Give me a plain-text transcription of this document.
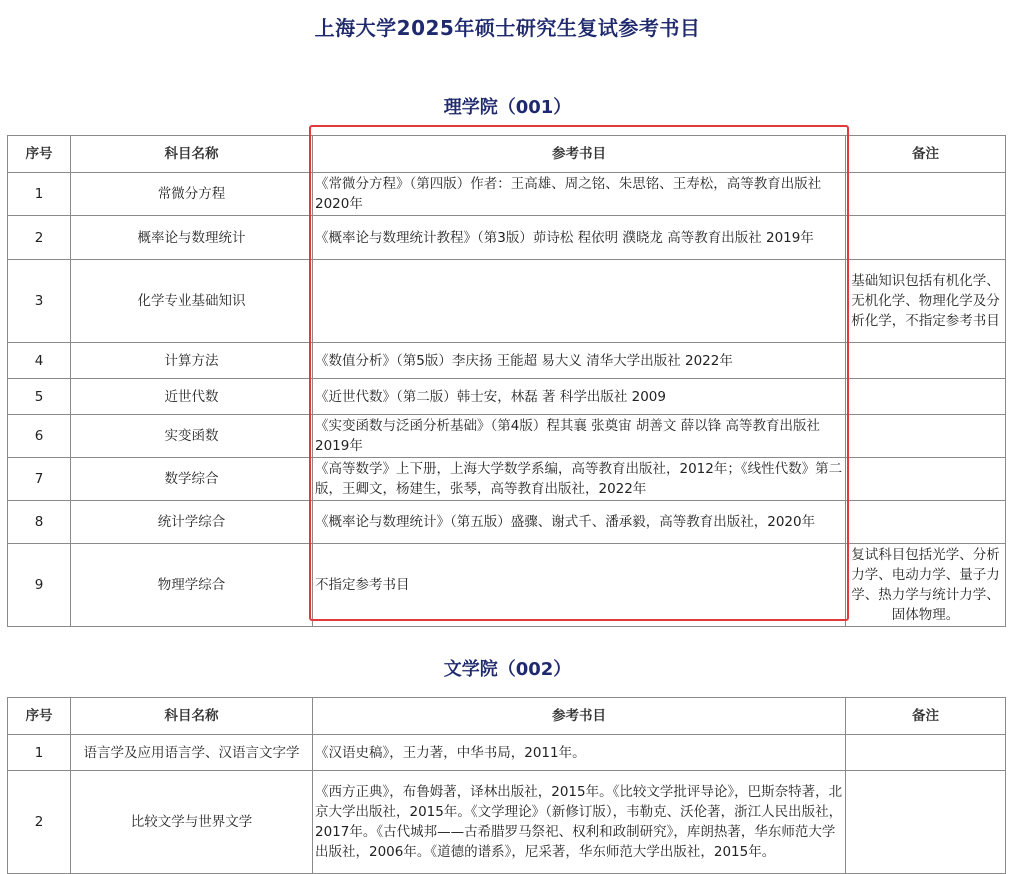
上海大学2025年硕士研究生复试参考书目
理学院（001）
序号	科目名称	参考书目	备注
1	常微分方程	《常微分方程》（第四版）作者：王高雄、周之铭、朱思铭、王寿松，高等教育出版社 2020年	
2	概率论与数理统计	《概率论与数理统计教程》（第3版）茆诗松 程依明 濮晓龙 高等教育出版社 2019年	
3	化学专业基础知识		基础知识包括有机化学、无机化学、物理化学及分析化学，不指定参考书目
4	计算方法	《数值分析》（第5版）李庆扬 王能超 易大义 清华大学出版社 2022年	
5	近世代数	《近世代数》（第二版）韩士安，林磊 著 科学出版社 2009	
6	实变函数	《实变函数与泛函分析基础》（第4版）程其襄 张奠宙 胡善文 薛以锋 高等教育出版社 2019年	
7	数学综合	《高等数学》上下册，上海大学数学系编，高等教育出版社，2012年；《线性代数》第二版，王卿文，杨建生，张琴，高等教育出版社，2022年	
8	统计学综合	《概率论与数理统计》（第五版）盛骤、谢式千、潘承毅，高等教育出版社，2020年	
9	物理学综合	不指定参考书目	复试科目包括光学、分析力学、电动力学、量子力学、热力学与统计力学、固体物理。
文学院（002）
序号	科目名称	参考书目	备注
1	语言学及应用语言学、汉语言文字学	《汉语史稿》，王力著，中华书局，2011年。	
2	比较文学与世界文学	《西方正典》，布鲁姆著，译林出版社，2015年。《比较文学批评导论》，巴斯奈特著，北京大学出版社，2015年。《文学理论》（新修订版），韦勒克、沃伦著，浙江人民出版社，2017年。《古代城邦——古希腊罗马祭祀、权利和政制研究》，库朗热著，华东师范大学出版社，2006年。《道德的谱系》，尼采著，华东师范大学出版社，2015年。	
